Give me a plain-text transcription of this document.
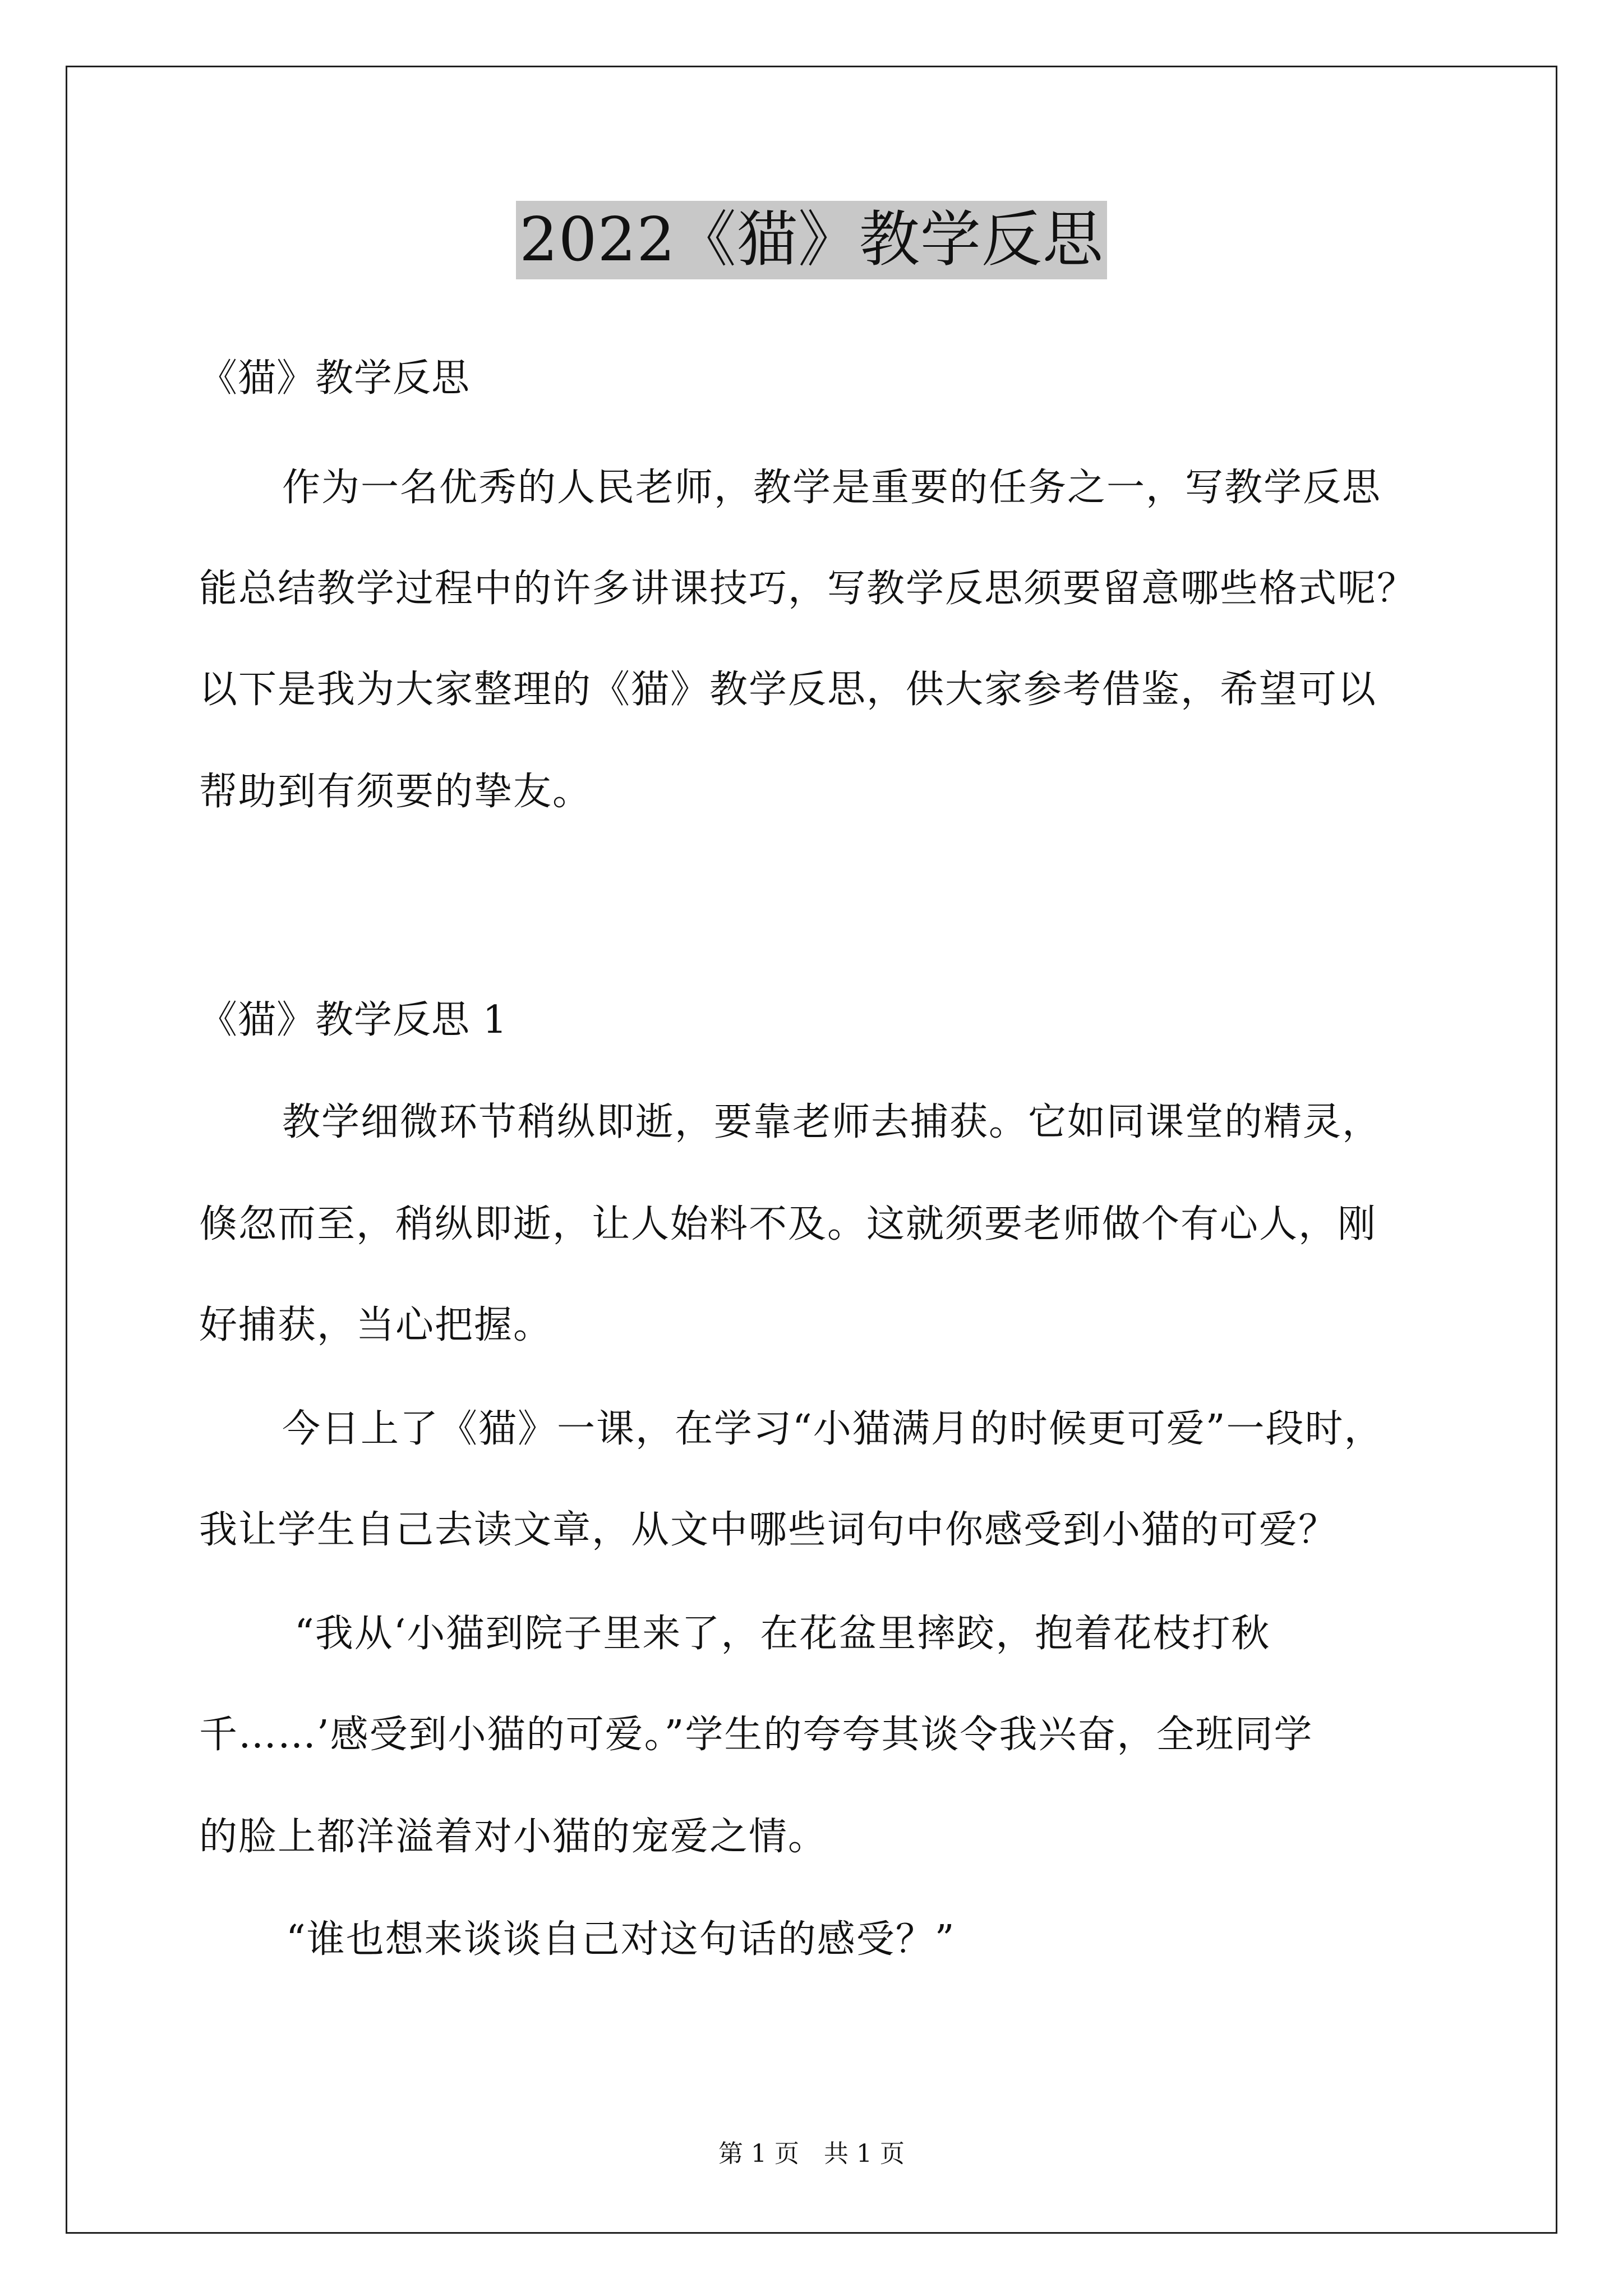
2022《猫》教学反思
《猫》教学反思
作为一名优秀的人民老师，教学是重要的任务之一，写教学反思
能总结教学过程中的许多讲课技巧，写教学反思须要留意哪些格式呢？
以下是我为大家整理的《猫》教学反思，供大家参考借鉴，希望可以
帮助到有须要的挚友。
《猫》教学反思 1
教学细微环节稍纵即逝，要靠老师去捕获。它如同课堂的精灵，
倏忽而至，稍纵即逝，让人始料不及。这就须要老师做个有心人，刚
好捕获，当心把握。
今日上了《猫》一课，在学习“小猫满月的时候更可爱”一段时，
我让学生自己去读文章，从文中哪些词句中你感受到小猫的可爱？
“我从‘小猫到院子里来了，在花盆里摔跤，抱着花枝打秋
千……’感受到小猫的可爱。”学生的夸夸其谈令我兴奋，全班同学
的脸上都洋溢着对小猫的宠爱之情。
“谁也想来谈谈自己对这句话的感受？”
第 1 页　共 1 页
